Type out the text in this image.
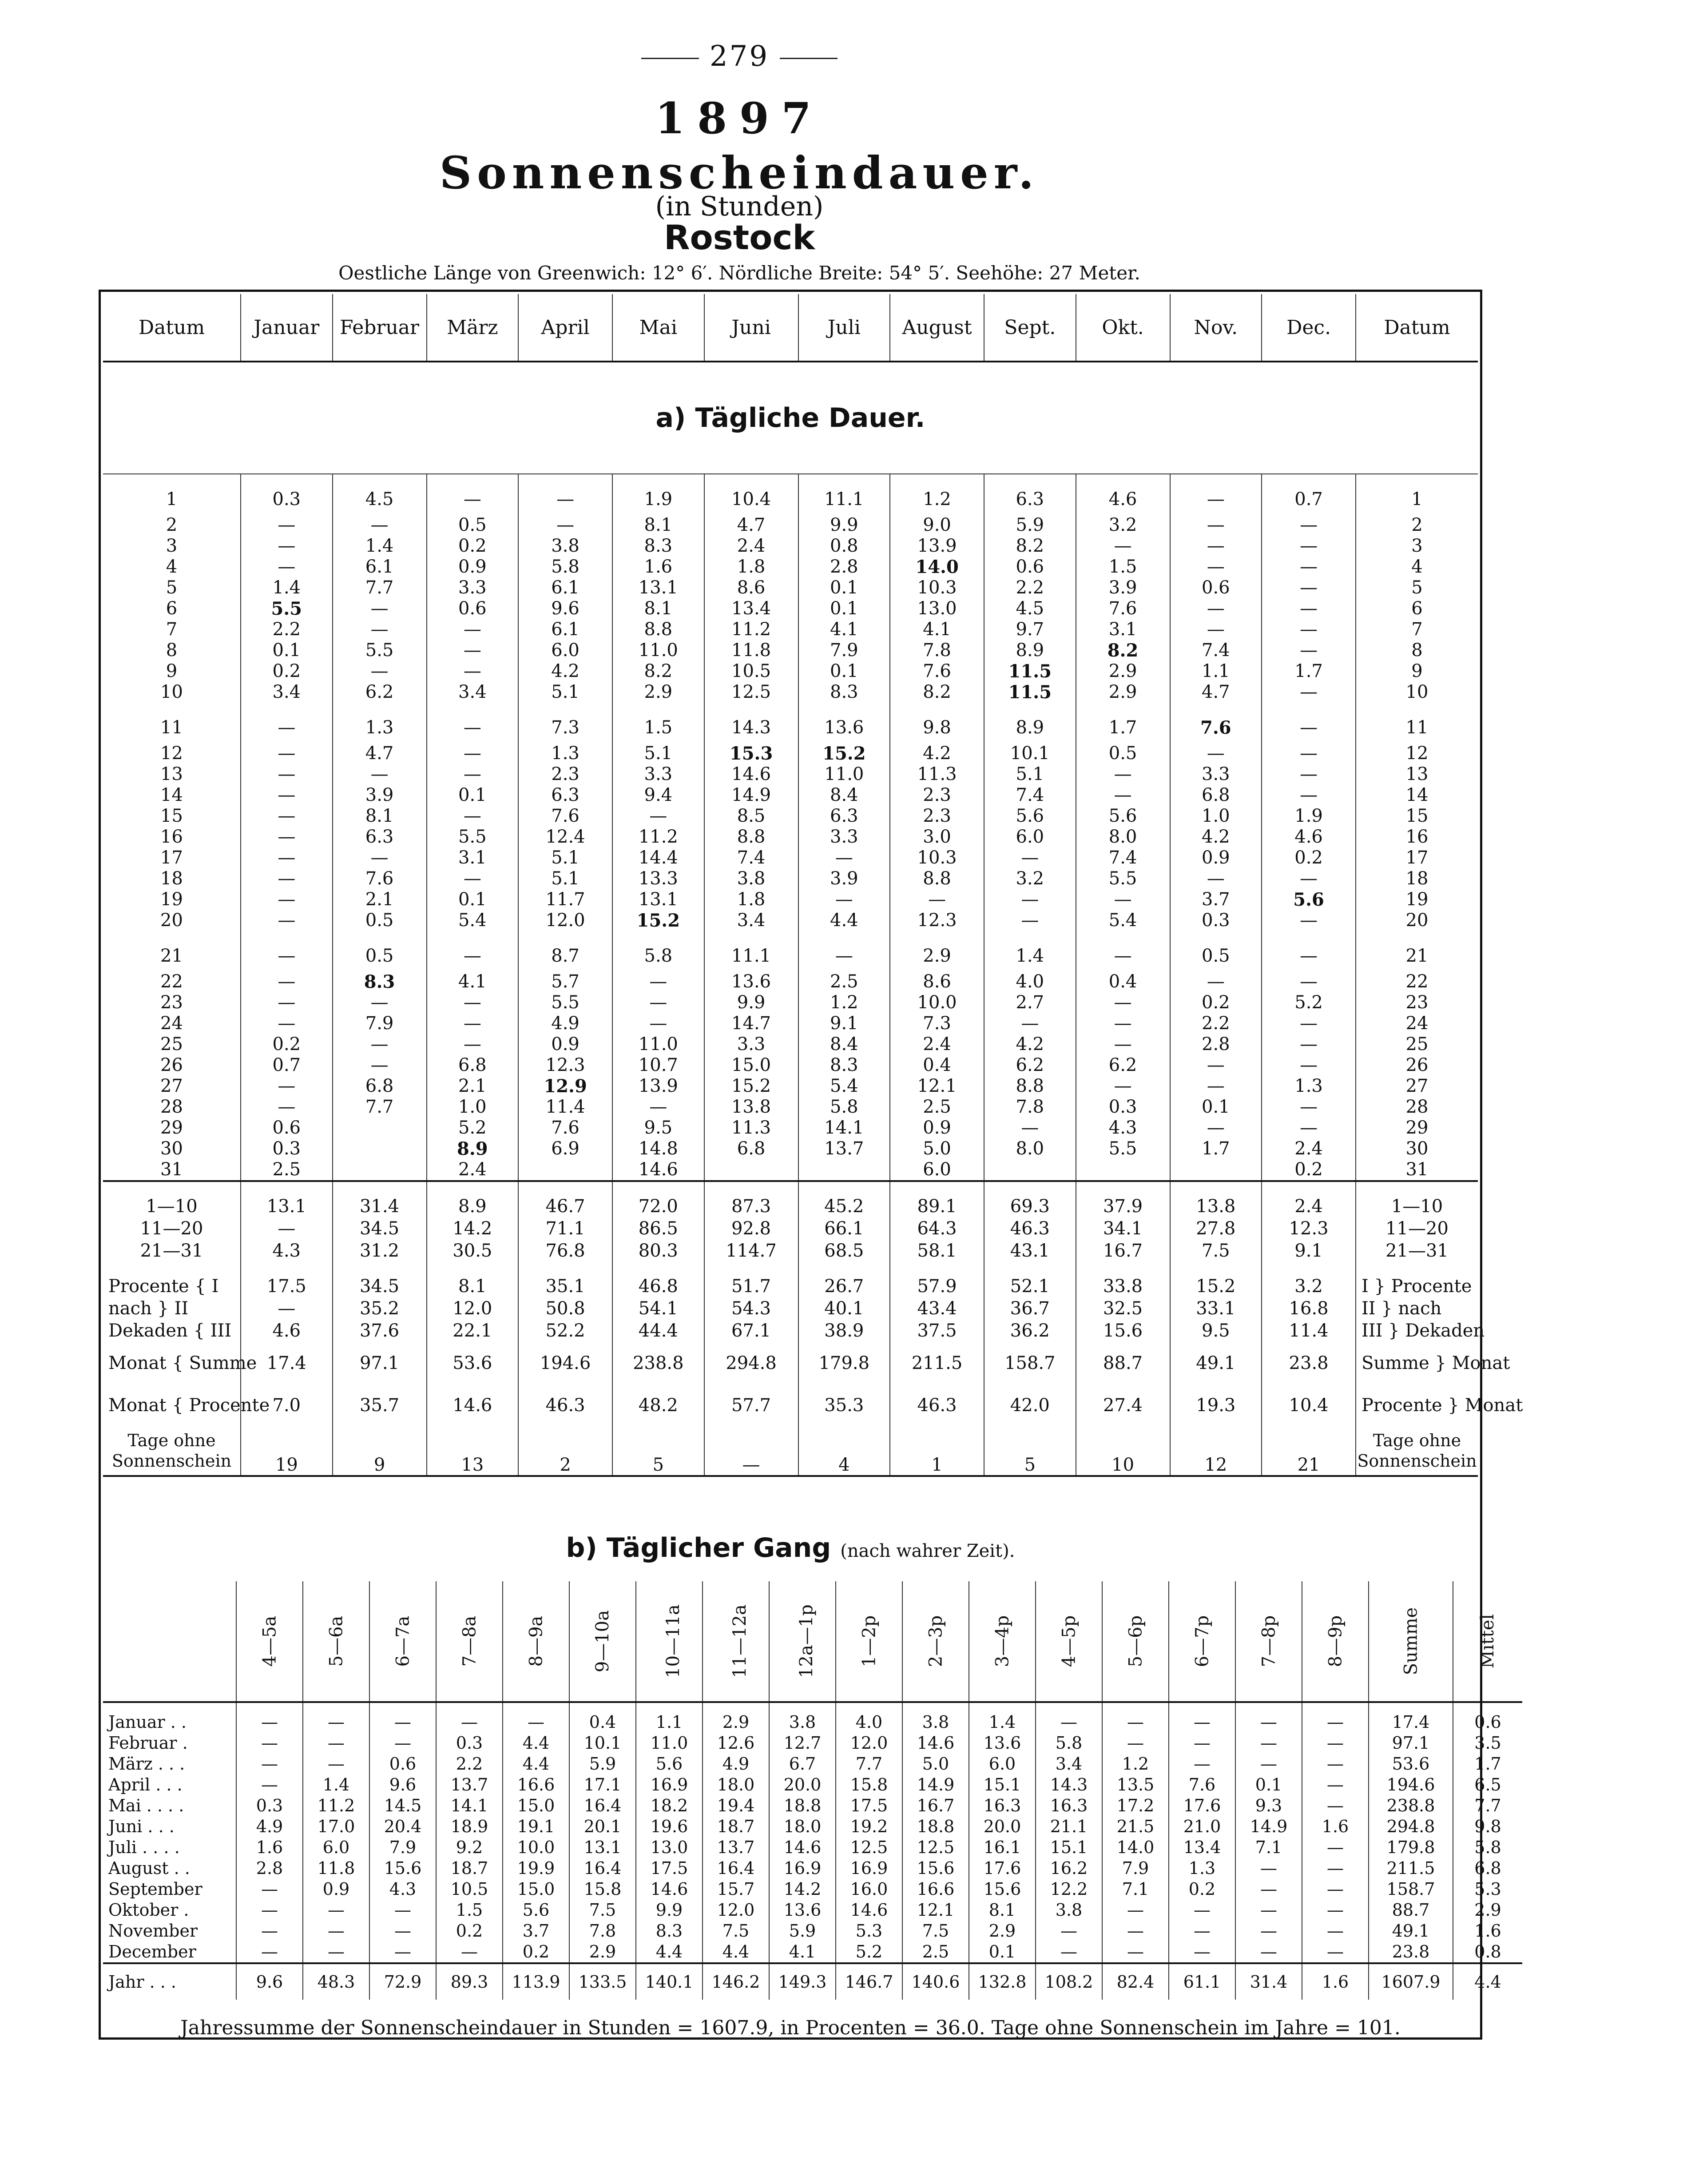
279
1897
Sonnenscheindauer.
(in Stunden)
Rostock
Oestliche Länge von Greenwich: 12° 6′. Nördliche Breite: 54° 5′. Seehöhe: 27 Meter.
Datum	Januar	Februar	März	April	Mai	Juni	Juli	August	Sept.	Okt.	Nov.	Dec.	Datum
a) Tägliche Dauer.													
1	0.3	4.5	—	—	1.9	10.4	11.1	1.2	6.3	4.6	—	0.7	1
2	—	—	0.5	—	8.1	4.7	9.9	9.0	5.9	3.2	—	—	2
3	—	1.4	0.2	3.8	8.3	2.4	0.8	13.9	8.2	—	—	—	3
4	—	6.1	0.9	5.8	1.6	1.8	2.8	14.0	0.6	1.5	—	—	4
5	1.4	7.7	3.3	6.1	13.1	8.6	0.1	10.3	2.2	3.9	0.6	—	5
6	5.5	—	0.6	9.6	8.1	13.4	0.1	13.0	4.5	7.6	—	—	6
7	2.2	—	—	6.1	8.8	11.2	4.1	4.1	9.7	3.1	—	—	7
8	0.1	5.5	—	6.0	11.0	11.8	7.9	7.8	8.9	8.2	7.4	—	8
9	0.2	—	—	4.2	8.2	10.5	0.1	7.6	11.5	2.9	1.1	1.7	9
10	3.4	6.2	3.4	5.1	2.9	12.5	8.3	8.2	11.5	2.9	4.7	—	10
11	—	1.3	—	7.3	1.5	14.3	13.6	9.8	8.9	1.7	7.6	—	11
12	—	4.7	—	1.3	5.1	15.3	15.2	4.2	10.1	0.5	—	—	12
13	—	—	—	2.3	3.3	14.6	11.0	11.3	5.1	—	3.3	—	13
14	—	3.9	0.1	6.3	9.4	14.9	8.4	2.3	7.4	—	6.8	—	14
15	—	8.1	—	7.6	—	8.5	6.3	2.3	5.6	5.6	1.0	1.9	15
16	—	6.3	5.5	12.4	11.2	8.8	3.3	3.0	6.0	8.0	4.2	4.6	16
17	—	—	3.1	5.1	14.4	7.4	—	10.3	—	7.4	0.9	0.2	17
18	—	7.6	—	5.1	13.3	3.8	3.9	8.8	3.2	5.5	—	—	18
19	—	2.1	0.1	11.7	13.1	1.8	—	—	—	—	3.7	5.6	19
20	—	0.5	5.4	12.0	15.2	3.4	4.4	12.3	—	5.4	0.3	—	20
21	—	0.5	—	8.7	5.8	11.1	—	2.9	1.4	—	0.5	—	21
22	—	8.3	4.1	5.7	—	13.6	2.5	8.6	4.0	0.4	—	—	22
23	—	—	—	5.5	—	9.9	1.2	10.0	2.7	—	0.2	5.2	23
24	—	7.9	—	4.9	—	14.7	9.1	7.3	—	—	2.2	—	24
25	0.2	—	—	0.9	11.0	3.3	8.4	2.4	4.2	—	2.8	—	25
26	0.7	—	6.8	12.3	10.7	15.0	8.3	0.4	6.2	6.2	—	—	26
27	—	6.8	2.1	12.9	13.9	15.2	5.4	12.1	8.8	—	—	1.3	27
28	—	7.7	1.0	11.4	—	13.8	5.8	2.5	7.8	0.3	0.1	—	28
29	0.6		5.2	7.6	9.5	11.3	14.1	0.9	—	4.3	—	—	29
30	0.3		8.9	6.9	14.8	6.8	13.7	5.0	8.0	5.5	1.7	2.4	30
31	2.5		2.4		14.6			6.0				0.2	31
1—10	13.1	31.4	8.9	46.7	72.0	87.3	45.2	89.1	69.3	37.9	13.8	2.4	1—10
11—20	—	34.5	14.2	71.1	86.5	92.8	66.1	64.3	46.3	34.1	27.8	12.3	11—20
21—31	4.3	31.2	30.5	76.8	80.3	114.7	68.5	58.1	43.1	16.7	7.5	9.1	21—31
Procente { I	17.5	34.5	8.1	35.1	46.8	51.7	26.7	57.9	52.1	33.8	15.2	3.2	I } Procente
nach } II	—	35.2	12.0	50.8	54.1	54.3	40.1	43.4	36.7	32.5	33.1	16.8	II } nach
Dekaden { III	4.6	37.6	22.1	52.2	44.4	67.1	38.9	37.5	36.2	15.6	9.5	11.4	III } Dekaden
Monat { Summe	17.4	97.1	53.6	194.6	238.8	294.8	179.8	211.5	158.7	88.7	49.1	23.8	Summe } Monat
Monat { Procente	7.0	35.7	14.6	46.3	48.2	57.7	35.3	46.3	42.0	27.4	19.3	10.4	Procente } Monat
Tage ohne Sonnenschein	19	9	13	2	5	—	4	1	5	10	12	21	Tage ohne Sonnenschein
b) Täglicher Gang (nach wahrer Zeit).
	4—5a	5—6a	6—7a	7—8a	8—9a	9—10a	10—11a	11—12a	12a—1p	1—2p	2—3p	3—4p	4—5p	5—6p	6—7p	7—8p	8—9p	Summe	Mittel
Januar . .	—	—	—	—	—	0.4	1.1	2.9	3.8	4.0	3.8	1.4	—	—	—	—	—	17.4	0.6
Februar .	—	—	—	0.3	4.4	10.1	11.0	12.6	12.7	12.0	14.6	13.6	5.8	—	—	—	—	97.1	3.5
März . . .	—	—	0.6	2.2	4.4	5.9	5.6	4.9	6.7	7.7	5.0	6.0	3.4	1.2	—	—	—	53.6	1.7
April . . .	—	1.4	9.6	13.7	16.6	17.1	16.9	18.0	20.0	15.8	14.9	15.1	14.3	13.5	7.6	0.1	—	194.6	6.5
Mai . . . .	0.3	11.2	14.5	14.1	15.0	16.4	18.2	19.4	18.8	17.5	16.7	16.3	16.3	17.2	17.6	9.3	—	238.8	7.7
Juni . . .	4.9	17.0	20.4	18.9	19.1	20.1	19.6	18.7	18.0	19.2	18.8	20.0	21.1	21.5	21.0	14.9	1.6	294.8	9.8
Juli . . . .	1.6	6.0	7.9	9.2	10.0	13.1	13.0	13.7	14.6	12.5	12.5	16.1	15.1	14.0	13.4	7.1	—	179.8	5.8
August . .	2.8	11.8	15.6	18.7	19.9	16.4	17.5	16.4	16.9	16.9	15.6	17.6	16.2	7.9	1.3	—	—	211.5	6.8
September	—	0.9	4.3	10.5	15.0	15.8	14.6	15.7	14.2	16.0	16.6	15.6	12.2	7.1	0.2	—	—	158.7	5.3
Oktober .	—	—	—	1.5	5.6	7.5	9.9	12.0	13.6	14.6	12.1	8.1	3.8	—	—	—	—	88.7	2.9
November	—	—	—	0.2	3.7	7.8	8.3	7.5	5.9	5.3	7.5	2.9	—	—	—	—	—	49.1	1.6
December	—	—	—	—	0.2	2.9	4.4	4.4	4.1	5.2	2.5	0.1	—	—	—	—	—	23.8	0.8
Jahr . . .	9.6	48.3	72.9	89.3	113.9	133.5	140.1	146.2	149.3	146.7	140.6	132.8	108.2	82.4	61.1	31.4	1.6	1607.9	4.4
Jahressumme der Sonnenscheindauer in Stunden = 1607.9, in Procenten = 36.0. Tage ohne Sonnenschein im Jahre = 101.
